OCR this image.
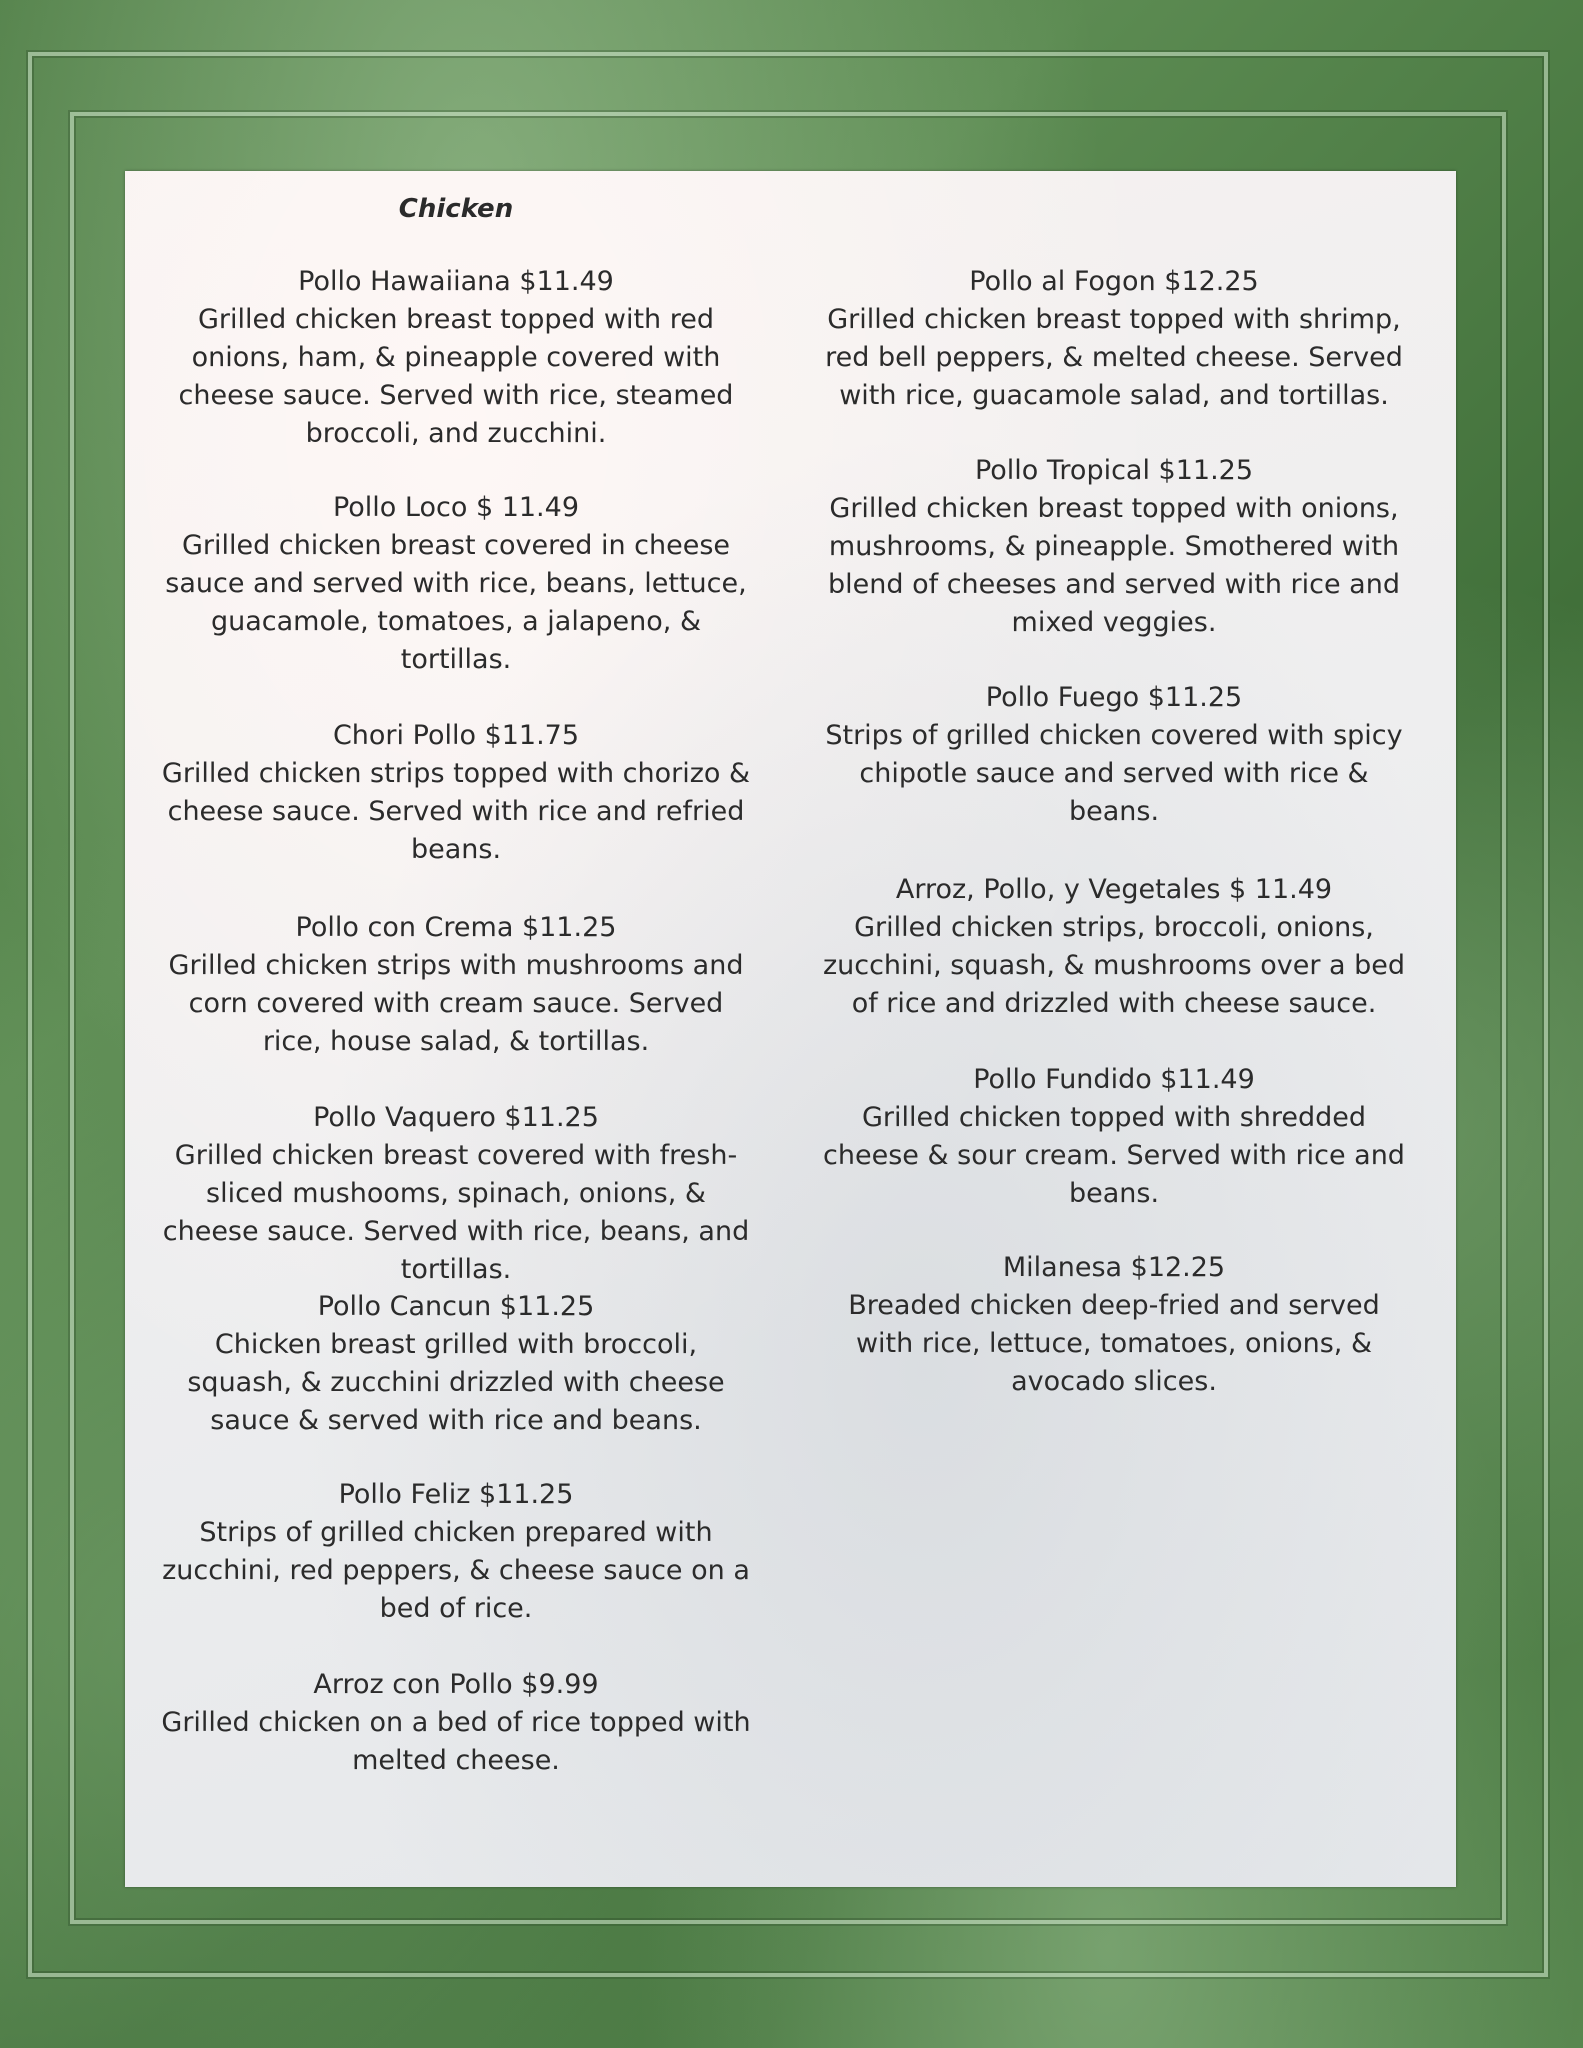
Chicken
Pollo Hawaiiana $11.49
Grilled chicken breast topped with red onions, ham, & pineapple covered with cheese sauce. Served with rice, steamed broccoli, and zucchini.
Pollo Loco $ 11.49
Grilled chicken breast covered in cheese sauce and served with rice, beans, lettuce, guacamole, tomatoes, a jalapeno, & tortillas.
Chori Pollo $11.75
Grilled chicken strips topped with chorizo & cheese sauce. Served with rice and refried beans.
Pollo con Crema $11.25
Grilled chicken strips with mushrooms and corn covered with cream sauce. Served rice, house salad, & tortillas.
Pollo Vaquero $11.25
Grilled chicken breast covered with fresh-sliced mushooms, spinach, onions, & cheese sauce. Served with rice, beans, and tortillas.
Pollo Cancun $11.25
Chicken breast grilled with broccoli, squash, & zucchini drizzled with cheese sauce & served with rice and beans.
Pollo Feliz $11.25
Strips of grilled chicken prepared with zucchini, red peppers, & cheese sauce on a bed of rice.
Arroz con Pollo $9.99
Grilled chicken on a bed of rice topped with melted cheese.
Pollo al Fogon $12.25
Grilled chicken breast topped with shrimp, red bell peppers, & melted cheese. Served with rice, guacamole salad, and tortillas.
Pollo Tropical $11.25
Grilled chicken breast topped with onions, mushrooms, & pineapple. Smothered with blend of cheeses and served with rice and mixed veggies.
Pollo Fuego $11.25
Strips of grilled chicken covered with spicy chipotle sauce and served with rice & beans.
Arroz, Pollo, y Vegetales $ 11.49
Grilled chicken strips, broccoli, onions, zucchini, squash, & mushrooms over a bed of rice and drizzled with cheese sauce.
Pollo Fundido $11.49
Grilled chicken topped with shredded cheese & sour cream. Served with rice and beans.
Milanesa $12.25
Breaded chicken deep-fried and served with rice, lettuce, tomatoes, onions, & avocado slices.
